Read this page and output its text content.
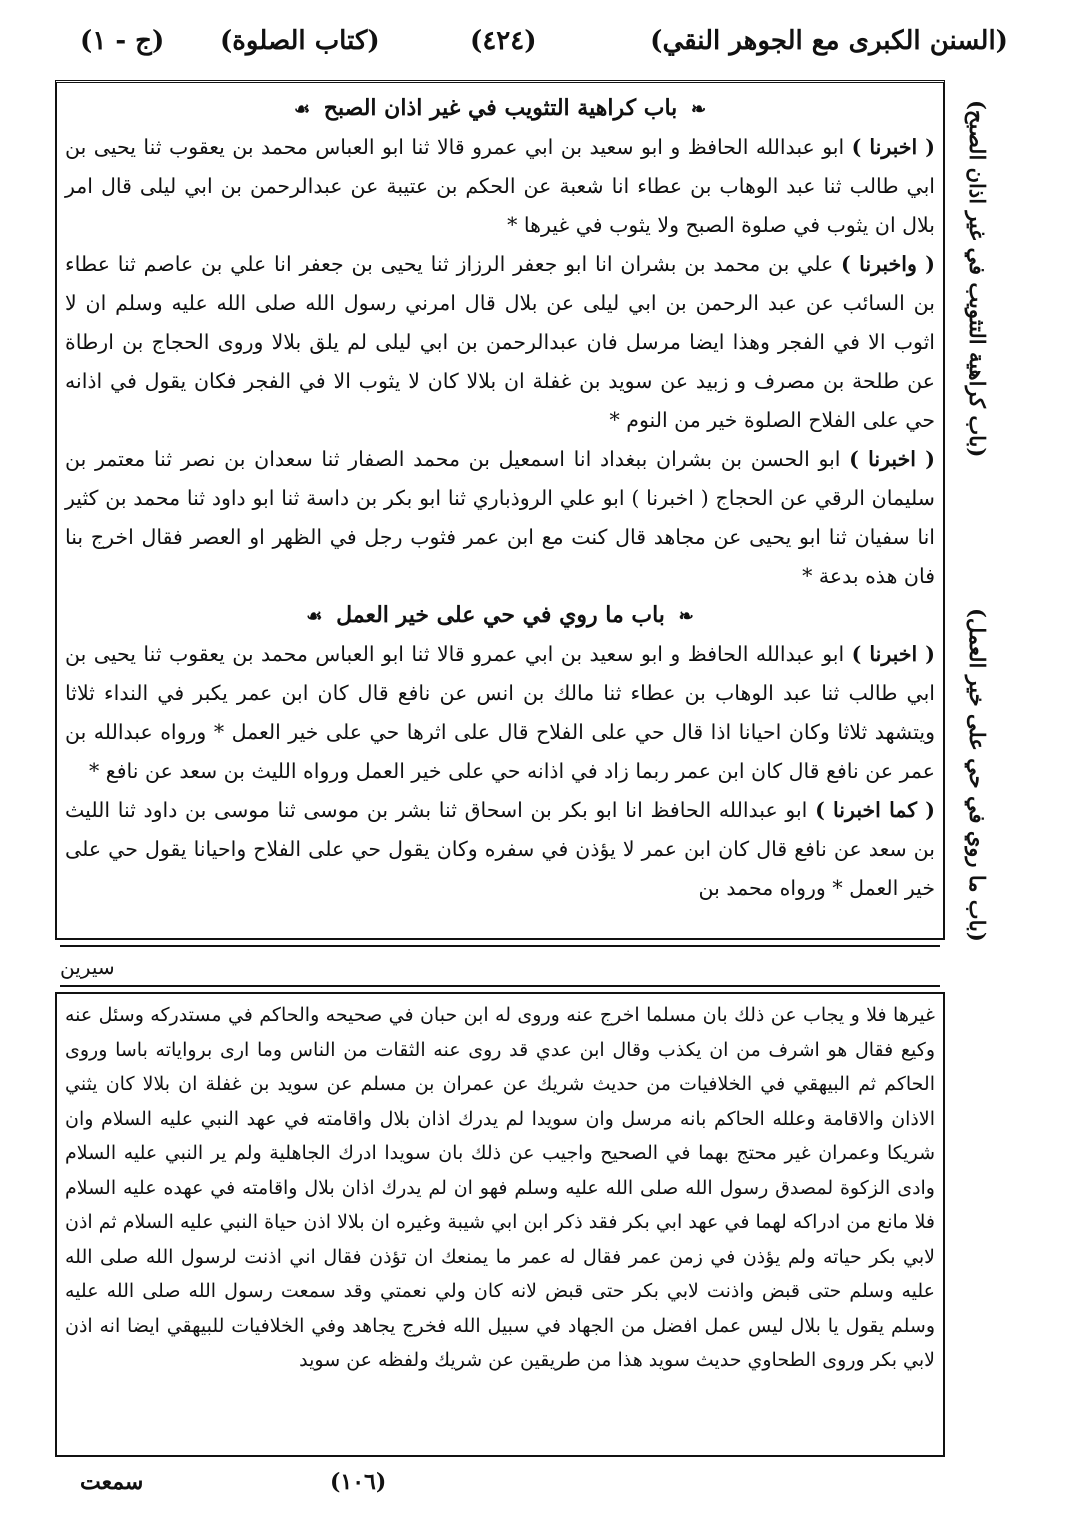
(السنن الكبرى مع الجوهر النقي)
(٤٢٤)
(كتاب الصلوة)
(ج - ١)
❧ باب كراهية التثويب في غير اذان الصبح ☙

( اخبرنا ) ابو عبدالله الحافظ و ابو سعيد بن ابي عمرو قالا ثنا ابو العباس محمد بن يعقوب ثنا يحيى بن ابي طالب ثنا عبد الوهاب بن عطاء انا شعبة عن الحكم بن عتيبة عن عبدالرحمن بن ابي ليلى قال امر بلال ان يثوب في صلوة الصبح ولا يثوب في غيرها *

( واخبرنا ) علي بن محمد بن بشران انا ابو جعفر الرزاز ثنا يحيى بن جعفر انا علي بن عاصم ثنا عطاء بن السائب عن عبد الرحمن بن ابي ليلى عن بلال قال امرني رسول الله صلى الله عليه وسلم ان لا اثوب الا في الفجر وهذا ايضا مرسل فان عبدالرحمن بن ابي ليلى لم يلق بلالا وروى الحجاج بن ارطاة عن طلحة بن مصرف و زبيد عن سويد بن غفلة ان بلالا كان لا يثوب الا في الفجر فكان يقول في اذانه حي على الفلاح الصلوة خير من النوم *

( اخبرنا ) ابو الحسن بن بشران ببغداد انا اسمعيل بن محمد الصفار ثنا سعدان بن نصر ثنا معتمر بن سليمان الرقي عن الحجاج ( اخبرنا ) ابو علي الروذباري ثنا ابو بكر بن داسة ثنا ابو داود ثنا محمد بن كثير انا سفيان ثنا ابو يحيى عن مجاهد قال كنت مع ابن عمر فثوب رجل في الظهر او العصر فقال اخرج بنا فان هذه بدعة *

❧ باب ما روي في حي على خير العمل ☙

( اخبرنا ) ابو عبدالله الحافظ و ابو سعيد بن ابي عمرو قالا ثنا ابو العباس محمد بن يعقوب ثنا يحيى بن ابي طالب ثنا عبد الوهاب بن عطاء ثنا مالك بن انس عن نافع قال كان ابن عمر يكبر في النداء ثلاثا ويتشهد ثلاثا وكان احيانا اذا قال حي على الفلاح قال على اثرها حي على خير العمل * ورواه عبدالله بن عمر عن نافع قال كان ابن عمر ربما زاد في اذانه حي على خير العمل ورواه الليث بن سعد عن نافع *

( كما اخبرنا ) ابو عبدالله الحافظ انا ابو بكر بن اسحاق ثنا بشر بن موسى ثنا موسى بن داود ثنا الليث بن سعد عن نافع قال كان ابن عمر لا يؤذن في سفره وكان يقول حي على الفلاح واحيانا يقول حي على خير العمل * ورواه محمد بن

(باب كراهية التثويب في غير اذان الصبح)
(باب ما روي في حي على خير العمل)
سيرين
غيرها فلا و يجاب عن ذلك بان مسلما اخرج عنه وروى له ابن حبان في صحيحه والحاكم في مستدركه وسئل عنه وكيع فقال هو اشرف من ان يكذب وقال ابن عدي قد روى عنه الثقات من الناس وما ارى برواياته باسا وروى الحاكم ثم البيهقي في الخلافيات من حديث شريك عن عمران بن مسلم عن سويد بن غفلة ان بلالا كان يثني الاذان والاقامة وعلله الحاكم بانه مرسل وان سويدا لم يدرك اذان بلال واقامته في عهد النبي عليه السلام وان شريكا وعمران غير محتج بهما في الصحيح واجيب عن ذلك بان سويدا ادرك الجاهلية ولم ير النبي عليه السلام وادى الزكوة لمصدق رسول الله صلى الله عليه وسلم فهو ان لم يدرك اذان بلال واقامته في عهده عليه السلام فلا مانع من ادراكه لهما في عهد ابي بكر فقد ذكر ابن ابي شيبة وغيره ان بلالا اذن حياة النبي عليه السلام ثم اذن لابي بكر حياته ولم يؤذن في زمن عمر فقال له عمر ما يمنعك ان تؤذن فقال اني اذنت لرسول الله صلى الله عليه وسلم حتى قبض واذنت لابي بكر حتى قبض لانه كان ولي نعمتي وقد سمعت رسول الله صلى الله عليه وسلم يقول يا بلال ليس عمل افضل من الجهاد في سبيل الله فخرج يجاهد وفي الخلافيات للبيهقي ايضا انه اذن لابي بكر وروى الطحاوي حديث سويد هذا من طريقين عن شريك ولفظه عن سويد
(١٠٦)
سمعت
